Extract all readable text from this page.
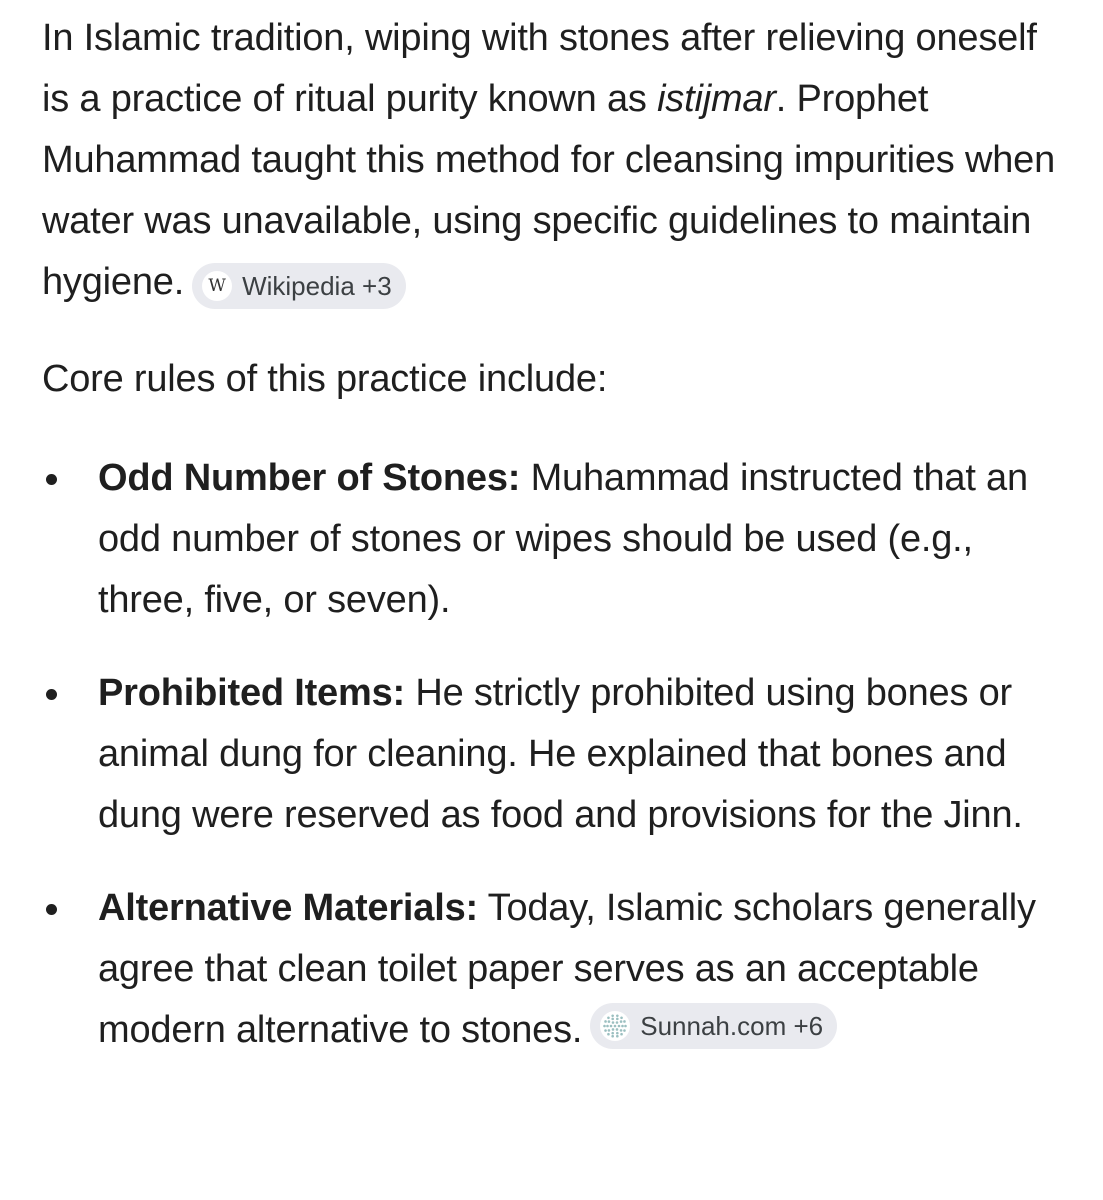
In Islamic tradition, wiping with stones after relieving oneself is a practice of ritual purity known as istijmar. Prophet Muhammad taught this method for cleansing impurities when water was unavailable, using specific guidelines to maintain hygiene.	W Wikipedia +3

Core rules of this practice include:

Odd Number of Stones: Muhammad instructed that an odd number of stones or wipes should be used (e.g., three, five, or seven).
Prohibited Items: He strictly prohibited using bones or animal dung for cleaning. He explained that bones and dung were reserved as food and provisions for the Jinn.
Alternative Materials: Today, Islamic scholars generally agree that clean toilet paper serves as an acceptable modern alternative to stones. Sunnah.com +6
